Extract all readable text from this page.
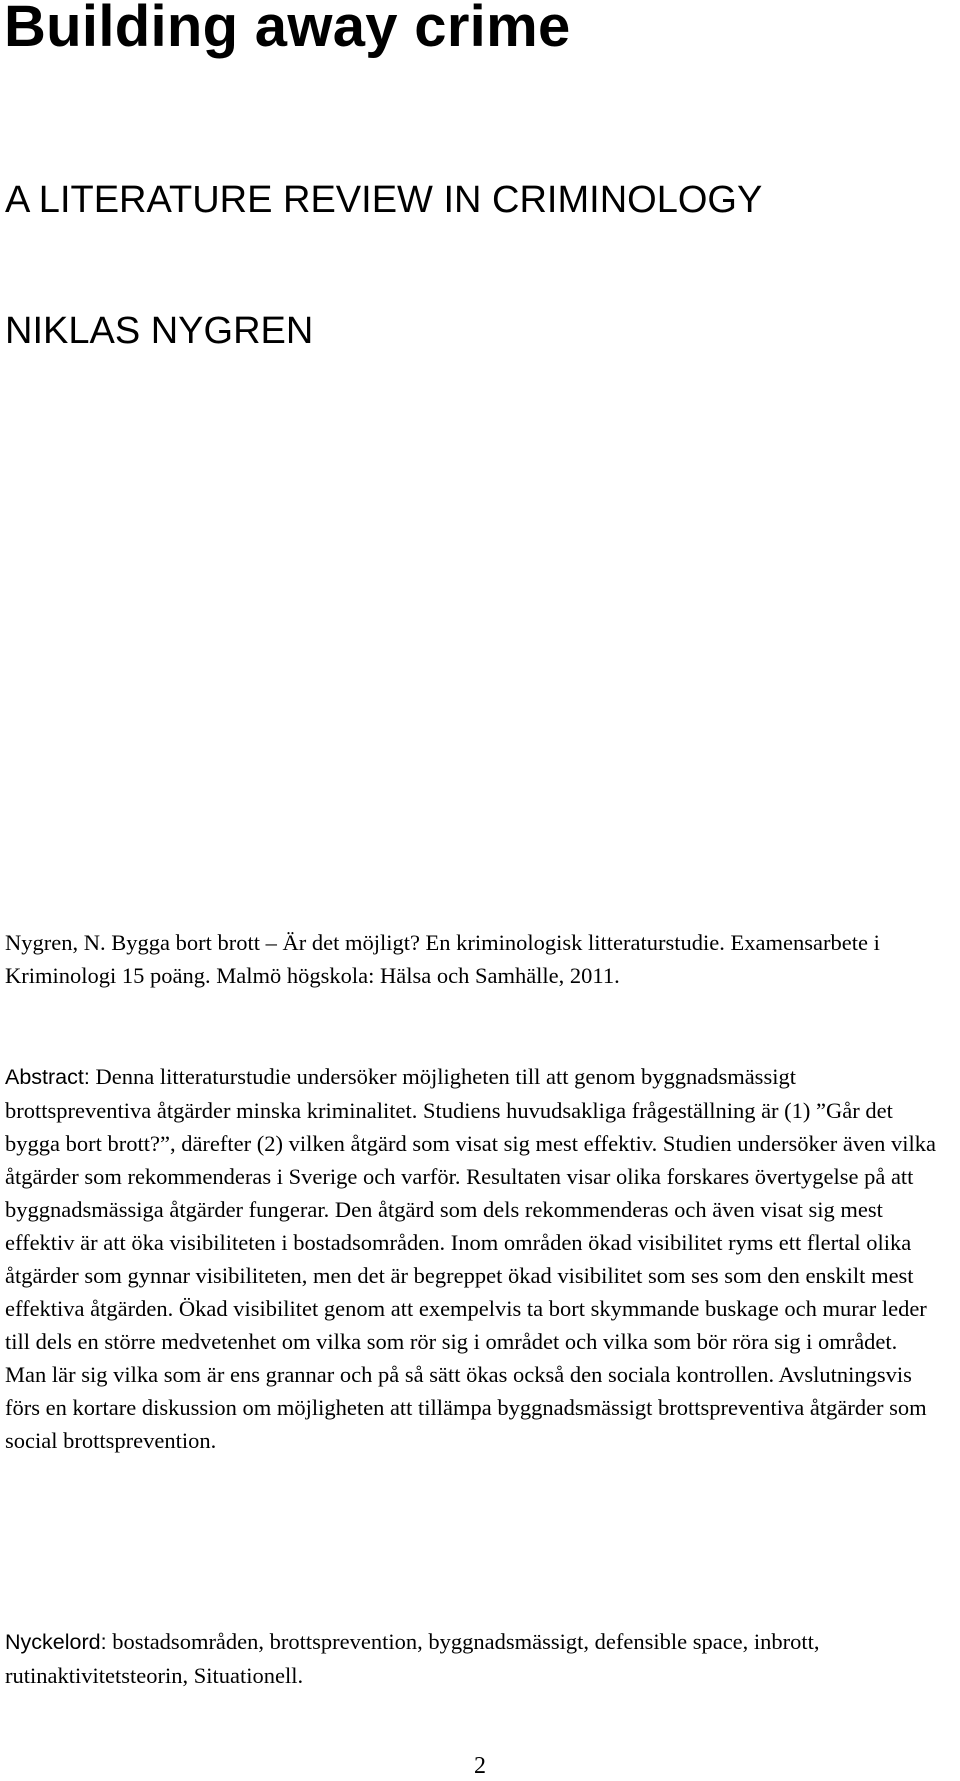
Building away crime
A LITERATURE REVIEW IN CRIMINOLOGY
NIKLAS NYGREN

Nygren, N. Bygga bort brott – Är det möjligt? En kriminologisk litteraturstudie. Examensarbete i Kriminologi 15 poäng. Malmö högskola: Hälsa och Samhälle, 2011.

Abstract: Denna litteraturstudie undersöker möjligheten till att genom byggnadsmässigt brottspreventiva åtgärder minska kriminalitet. Studiens huvudsakliga frågeställning är (1) ”Går det bygga bort brott?”, därefter (2) vilken åtgärd som visat sig mest effektiv. Studien undersöker även vilka åtgärder som rekommenderas i Sverige och varför. Resultaten visar olika forskares övertygelse på att byggnadsmässiga åtgärder fungerar. Den åtgärd som dels rekommenderas och även visat sig mest effektiv är att öka visibiliteten i bostadsområden. Inom områden ökad visibilitet ryms ett flertal olika åtgärder som gynnar visibiliteten, men det är begreppet ökad visibilitet som ses som den enskilt mest effektiva åtgärden. Ökad visibilitet genom att exempelvis ta bort skymmande buskage och murar leder till dels en större medvetenhet om vilka som rör sig i området och vilka som bör röra sig i området. Man lär sig vilka som är ens grannar och på så sätt ökas också den sociala kontrollen. Avslutningsvis förs en kortare diskussion om möjligheten att tillämpa byggnadsmässigt brottspreventiva åtgärder som social brottsprevention.

Nyckelord: bostadsområden, brottsprevention, byggnadsmässigt, defensible space, inbrott, rutinaktivitetsteorin, Situationell.

2
